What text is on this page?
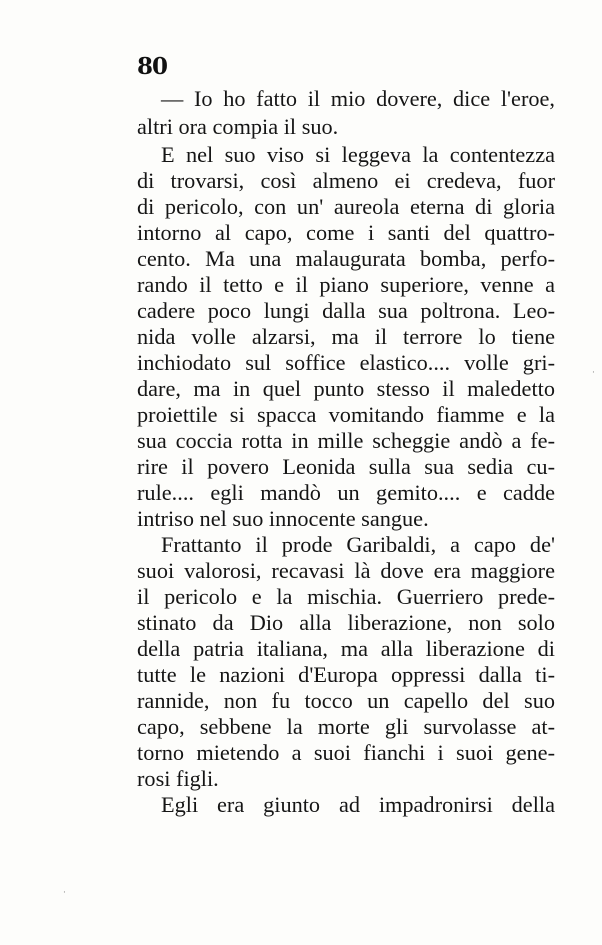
80
— Io ho fatto il mio dovere, dice l'eroe,
altri ora compia il suo.
E nel suo viso si leggeva la contentezza
di trovarsi, così almeno ei credeva, fuor
di pericolo, con un' aureola eterna di gloria
intorno al capo, come i santi del quattro-
cento. Ma una malaugurata bomba, perfo-
rando il tetto e il piano superiore, venne a
cadere poco lungi dalla sua poltrona. Leo-
nida volle alzarsi, ma il terrore lo tiene
inchiodato sul soffice elastico.... volle gri-
dare, ma in quel punto stesso il maledetto
proiettile si spacca vomitando fiamme e la
sua coccia rotta in mille scheggie andò a fe-
rire il povero Leonida sulla sua sedia cu-
rule.... egli mandò un gemito.... e cadde
intriso nel suo innocente sangue.
Frattanto il prode Garibaldi, a capo de'
suoi valorosi, recavasi là dove era maggiore
il pericolo e la mischia. Guerriero prede-
stinato da Dio alla liberazione, non solo
della patria italiana, ma alla liberazione di
tutte le nazioni d'Europa oppressi dalla ti-
rannide, non fu tocco un capello del suo
capo, sebbene la morte gli survolasse at-
torno mietendo a suoi fianchi i suoi gene-
rosi figli.
Egli era giunto ad impadronirsi della
·
·
